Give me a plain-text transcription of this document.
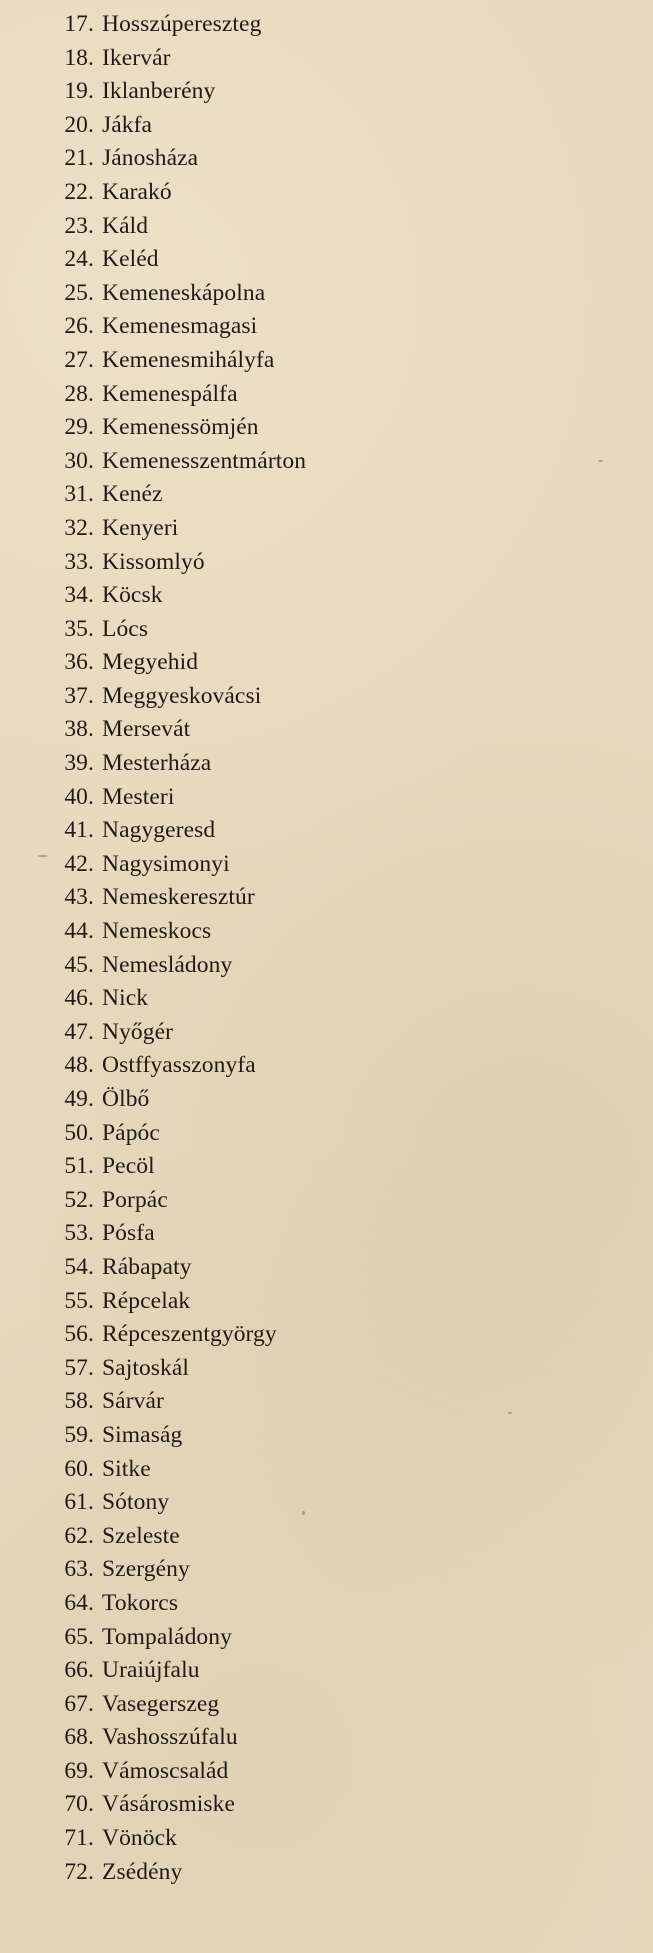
17. Hosszúpereszteg
18. Ikervár
19. Iklanberény
20. Jákfa
21. Jánosháza
22. Karakó
23. Káld
24. Keléd
25. Kemeneskápolna
26. Kemenesmagasi
27. Kemenesmihályfa
28. Kemenespálfa
29. Kemenessömjén
30. Kemenesszentmárton
31. Kenéz
32. Kenyeri
33. Kissomlyó
34. Köcsk
35. Lócs
36. Megyehid
37. Meggyeskovácsi
38. Mersevát
39. Mesterháza
40. Mesteri
41. Nagygeresd
42. Nagysimonyi
43. Nemeskeresztúr
44. Nemeskocs
45. Nemesládony
46. Nick
47. Nyőgér
48. Ostffyasszonyfa
49. Ölbő
50. Pápóc
51. Pecöl
52. Porpác
53. Pósfa
54. Rábapaty
55. Répcelak
56. Répceszentgyörgy
57. Sajtoskál
58. Sárvár
59. Simaság
60. Sitke
61. Sótony
62. Szeleste
63. Szergény
64. Tokorcs
65. Tompaládony
66. Uraiújfalu
67. Vasegerszeg
68. Vashosszúfalu
69. Vámoscsalád
70. Vásárosmiske
71. Vönöck
72. Zsédény
